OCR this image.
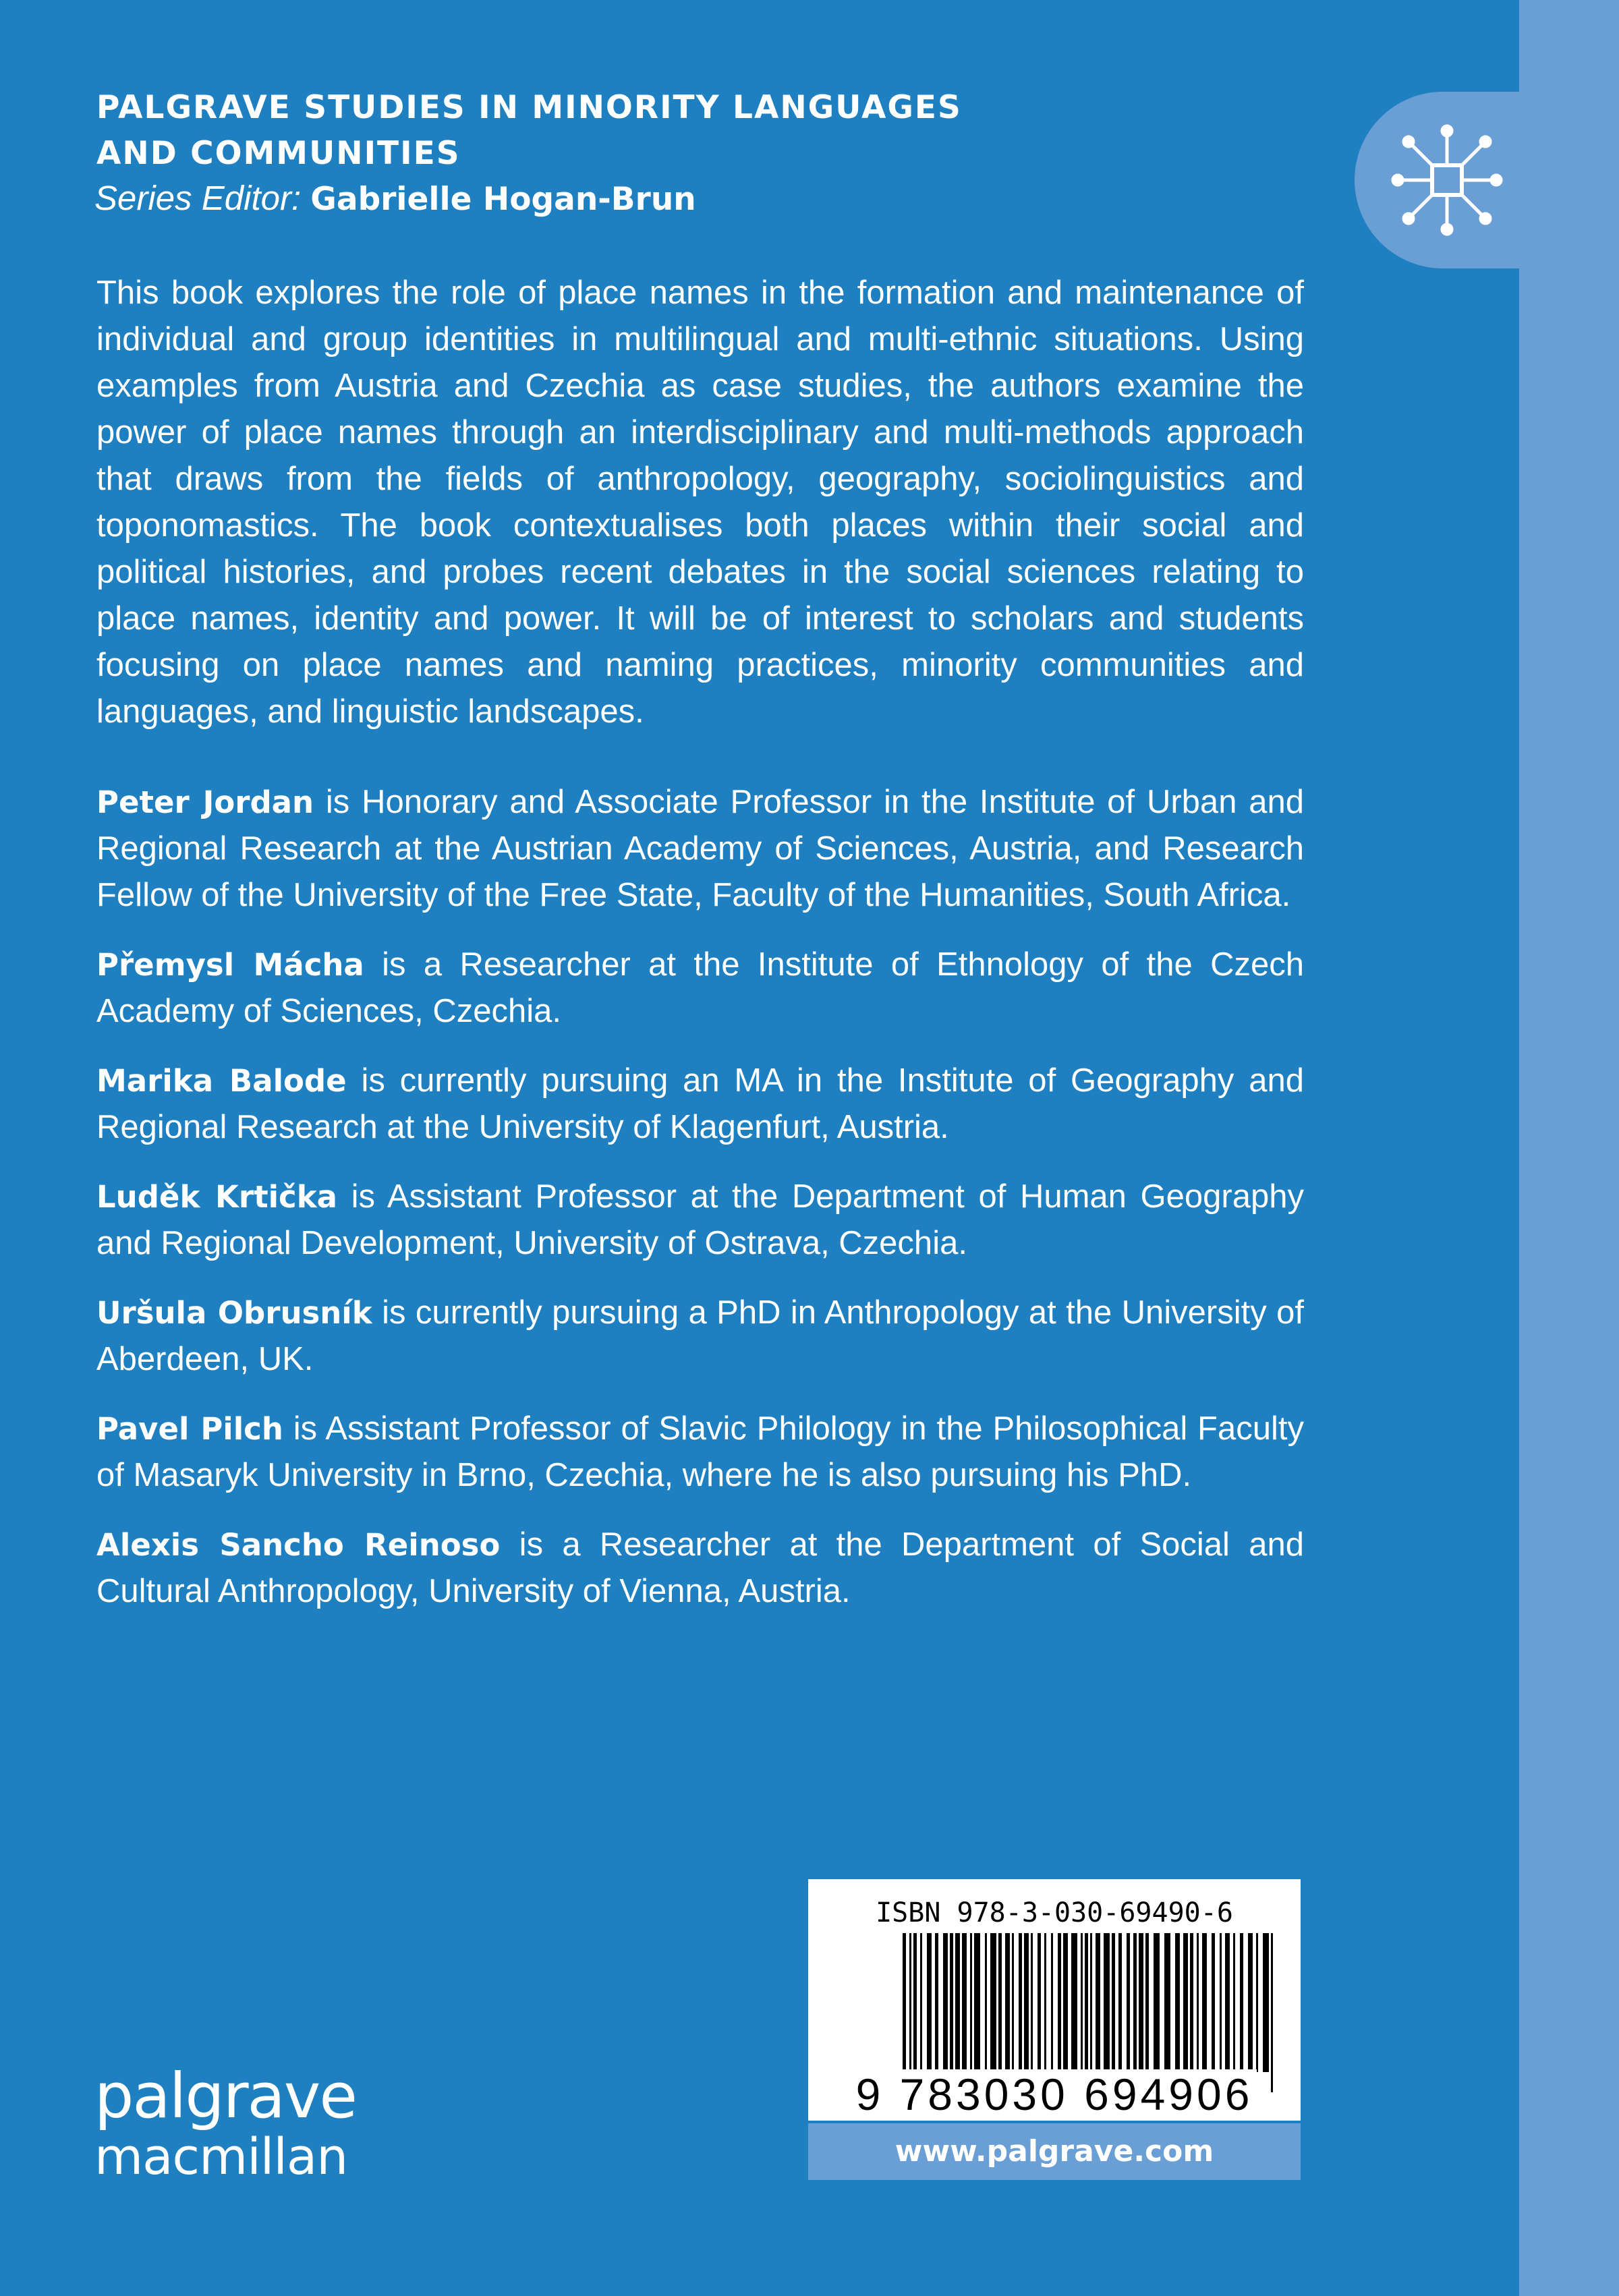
PALGRAVE STUDIES IN MINORITY LANGUAGES AND COMMUNITIES
Series Editor: Gabrielle Hogan-Brun

This book explores the role of place names in the formation and maintenance of individual and group identities in multilingual and multi-ethnic situations. Using examples from Austria and Czechia as case studies, the authors examine the power of place names through an interdisciplinary and multi-methods approach that draws from the fields of anthropology, geography, sociolinguistics and toponomastics. The book contextualises both places within their social and political histories, and probes recent debates in the social sciences relating to place names, identity and power. It will be of interest to scholars and students focusing on place names and naming practices, minority communities and languages, and linguistic landscapes.

Peter Jordan is Honorary and Associate Professor in the Institute of Urban and Regional Research at the Austrian Academy of Sciences, Austria, and Research Fellow of the University of the Free State, Faculty of the Humanities, South Africa.

Přemysl Mácha is a Researcher at the Institute of Ethnology of the Czech Academy of Sciences, Czechia.

Marika Balode is currently pursuing an MA in the Institute of Geography and Regional Research at the University of Klagenfurt, Austria.

Luděk Krtička is Assistant Professor at the Department of Human Geography and Regional Development, University of Ostrava, Czechia.

Uršula Obrusník is currently pursuing a PhD in Anthropology at the University of Aberdeen, UK.

Pavel Pilch is Assistant Professor of Slavic Philology in the Philosophical Faculty of Masaryk University in Brno, Czechia, where he is also pursuing his PhD.

Alexis Sancho Reinoso is a Researcher at the Department of Social and Cultural Anthropology, University of Vienna, Austria.

palgrave
macmillan
ISBN 978-3-030-69490-6
9 783030 694906
www.palgrave.com
